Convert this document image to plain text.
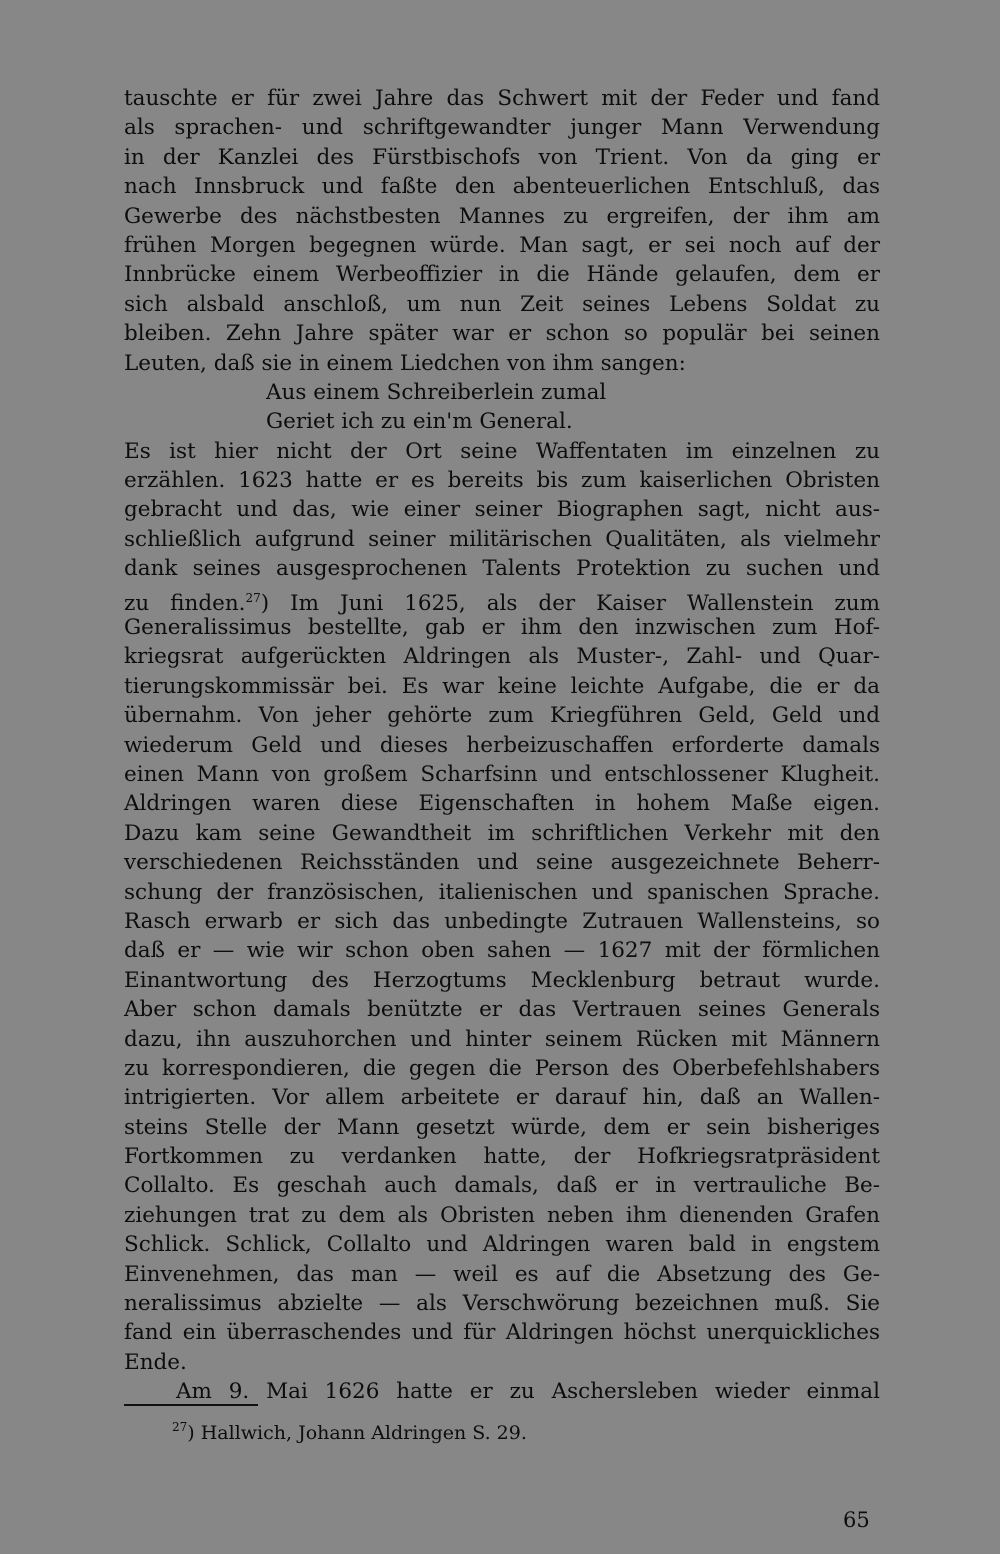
tauschte er für zwei Jahre das Schwert mit der Feder und fand
als sprachen- und schriftgewandter junger Mann Verwendung
in der Kanzlei des Fürstbischofs von Trient. Von da ging er
nach Innsbruck und faßte den abenteuerlichen Entschluß, das
Gewerbe des nächstbesten Mannes zu ergreifen, der ihm am
frühen Morgen begegnen würde. Man sagt, er sei noch auf der
Innbrücke einem Werbeoffizier in die Hände gelaufen, dem er
sich alsbald anschloß, um nun Zeit seines Lebens Soldat zu
bleiben. Zehn Jahre später war er schon so populär bei seinen
Leuten, daß sie in einem Liedchen von ihm sangen:
Aus einem Schreiberlein zumal
Geriet ich zu ein'm General.
Es ist hier nicht der Ort seine Waffentaten im einzelnen zu
erzählen. 1623 hatte er es bereits bis zum kaiserlichen Obristen
gebracht und das, wie einer seiner Biographen sagt, nicht aus-
schließlich aufgrund seiner militärischen Qualitäten, als vielmehr
dank seines ausgesprochenen Talents Protektion zu suchen und
zu finden.$^{27}$) Im Juni 1625, als der Kaiser Wallenstein zum
Generalissimus bestellte, gab er ihm den inzwischen zum Hof-
kriegsrat aufgerückten Aldringen als Muster-, Zahl- und Quar-
tierungskommissär bei. Es war keine leichte Aufgabe, die er da
übernahm. Von jeher gehörte zum Kriegführen Geld, Geld und
wiederum Geld und dieses herbeizuschaffen erforderte damals
einen Mann von großem Scharfsinn und entschlossener Klugheit.
Aldringen waren diese Eigenschaften in hohem Maße eigen.
Dazu kam seine Gewandtheit im schriftlichen Verkehr mit den
verschiedenen Reichsständen und seine ausgezeichnete Beherr-
schung der französischen, italienischen und spanischen Sprache.
Rasch erwarb er sich das unbedingte Zutrauen Wallensteins, so
daß er — wie wir schon oben sahen — 1627 mit der förmlichen
Einantwortung des Herzogtums Mecklenburg betraut wurde.
Aber schon damals benützte er das Vertrauen seines Generals
dazu, ihn auszuhorchen und hinter seinem Rücken mit Männern
zu korrespondieren, die gegen die Person des Oberbefehlshabers
intrigierten. Vor allem arbeitete er darauf hin, daß an Wallen-
steins Stelle der Mann gesetzt würde, dem er sein bisheriges
Fortkommen zu verdanken hatte, der Hofkriegsratpräsident
Collalto. Es geschah auch damals, daß er in vertrauliche Be-
ziehungen trat zu dem als Obristen neben ihm dienenden Grafen
Schlick. Schlick, Collalto und Aldringen waren bald in engstem
Einvenehmen, das man — weil es auf die Absetzung des Ge-
neralissimus abzielte — als Verschwörung bezeichnen muß. Sie
fand ein überraschendes und für Aldringen höchst unerquickliches
Ende.
Am 9. Mai 1626 hatte er zu Aschersleben wieder einmal
$^{27}$) Hallwich, Johann Aldringen S. 29.
65
